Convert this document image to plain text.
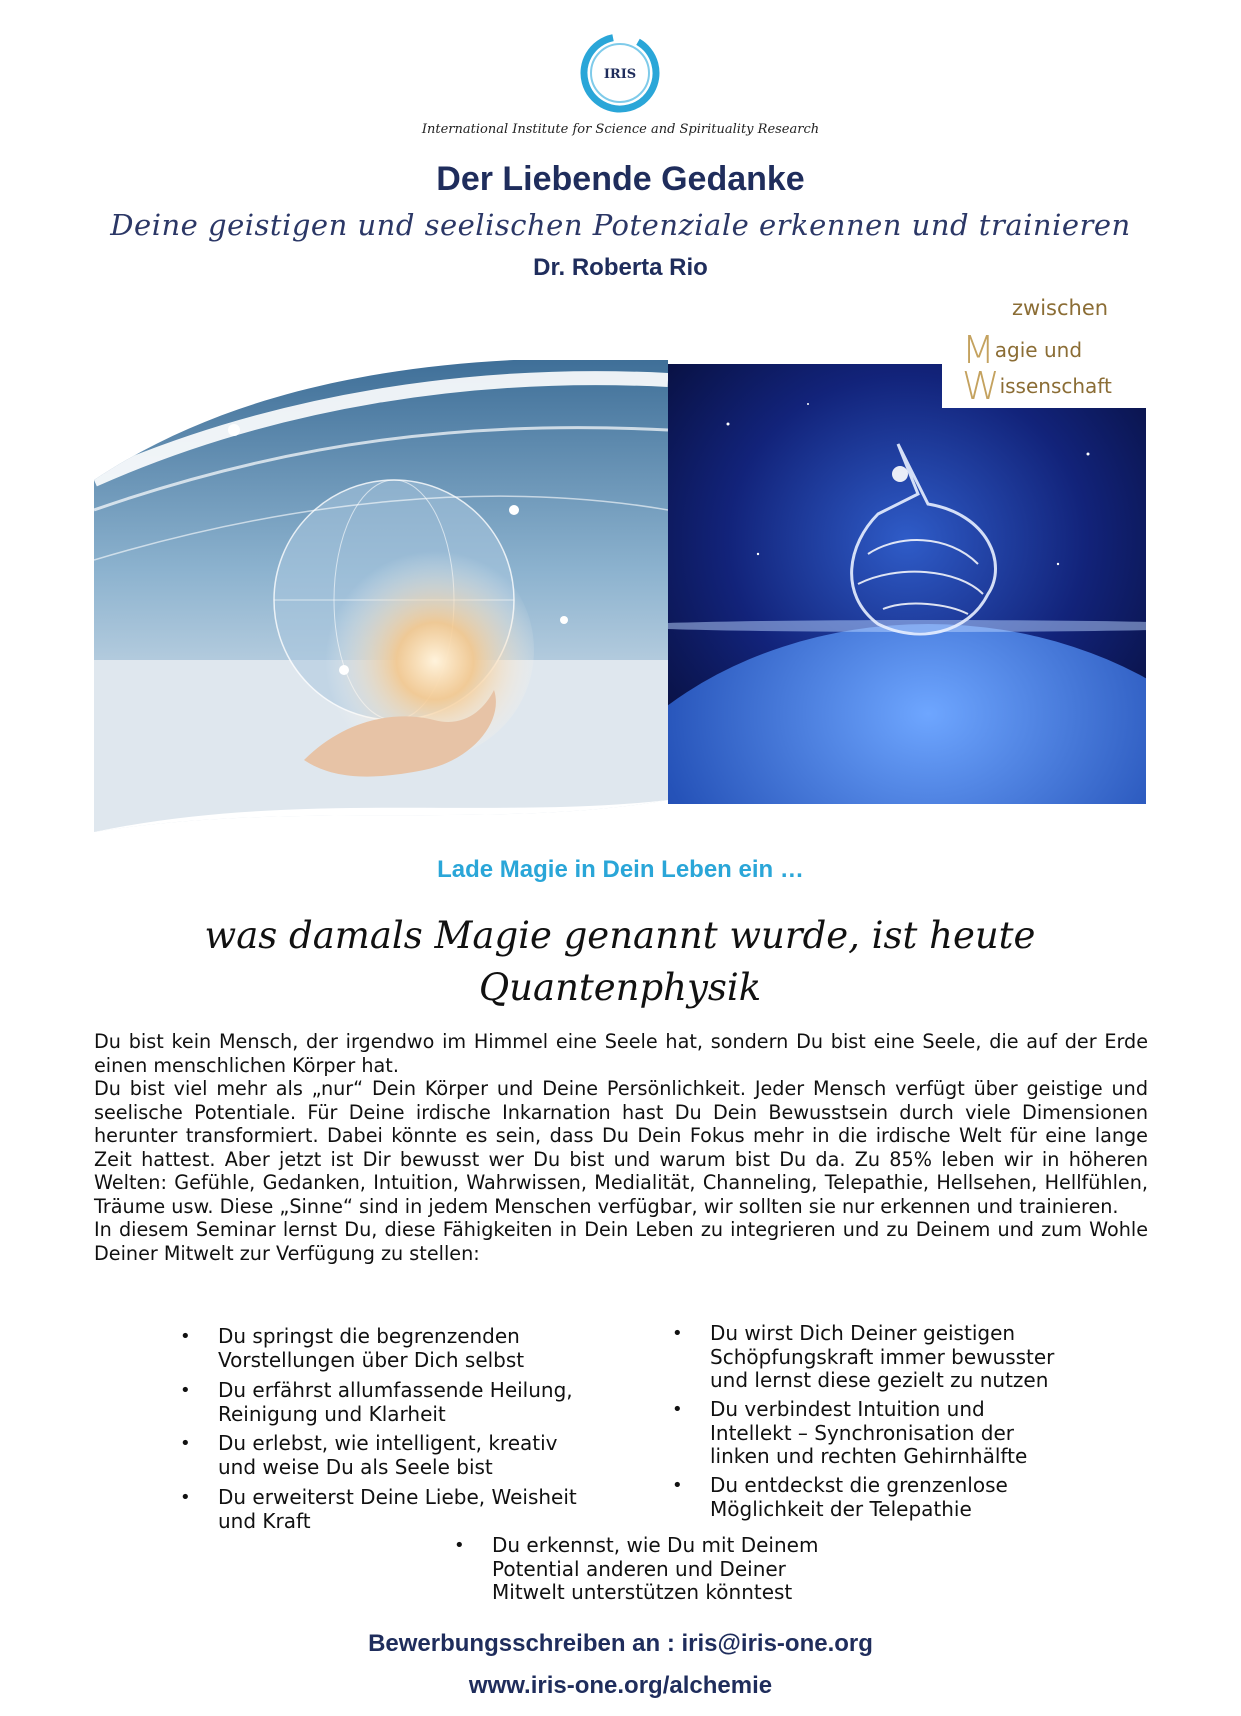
IRIS
International Institute for Science and Spirituality Research
Der Liebende Gedanke
Deine geistigen und seelischen Potenziale erkennen und trainieren
Dr. Roberta Rio
zwischen
Magie und
Wissenschaft
Lade Magie in Dein Leben ein …
was damals Magie genannt wurde, ist heute
Quantenphysik

Du bist kein Mensch, der irgendwo im Himmel eine Seele hat, sondern Du bist eine Seele, die auf der Erde einen menschlichen Körper hat.

Du bist viel mehr als „nur“ Dein Körper und Deine Persönlichkeit. Jeder Mensch verfügt über geistige und seelische Potentiale. Für Deine irdische Inkarnation hast Du Dein Bewusstsein durch viele Dimensionen herunter transformiert. Dabei könnte es sein, dass Du Dein Fokus mehr in die irdische Welt für eine lange Zeit hattest. Aber jetzt ist Dir bewusst wer Du bist und warum bist Du da. Zu 85% leben wir in höheren Welten: Gefühle, Gedanken, Intuition, Wahrwissen, Medialität, Channeling, Telepathie, Hellsehen, Hellfühlen, Träume usw. Diese „Sinne“ sind in jedem Menschen verfügbar, wir sollten sie nur erkennen und trainieren.

In diesem Seminar lernst Du, diese Fähigkeiten in Dein Leben zu integrieren und zu Deinem und zum Wohle Deiner Mitwelt zur Verfügung zu stellen:

• Du springst die begrenzenden
Vorstellungen über Dich selbst
• Du erfährst allumfassende Heilung,
Reinigung und Klarheit
• Du erlebst, wie intelligent, kreativ
und weise Du als Seele bist
• Du erweiterst Deine Liebe, Weisheit
und Kraft
• Du wirst Dich Deiner geistigen
Schöpfungskraft immer bewusster
und lernst diese gezielt zu nutzen
• Du verbindest Intuition und
Intellekt – Synchronisation der
linken und rechten Gehirnhälfte
• Du entdeckst die grenzenlose
Möglichkeit der Telepathie
• Du erkennst, wie Du mit Deinem
Potential anderen und Deiner
Mitwelt unterstützen könntest
Bewerbungsschreiben an : iris@iris-one.org
www.iris-one.org/alchemie
